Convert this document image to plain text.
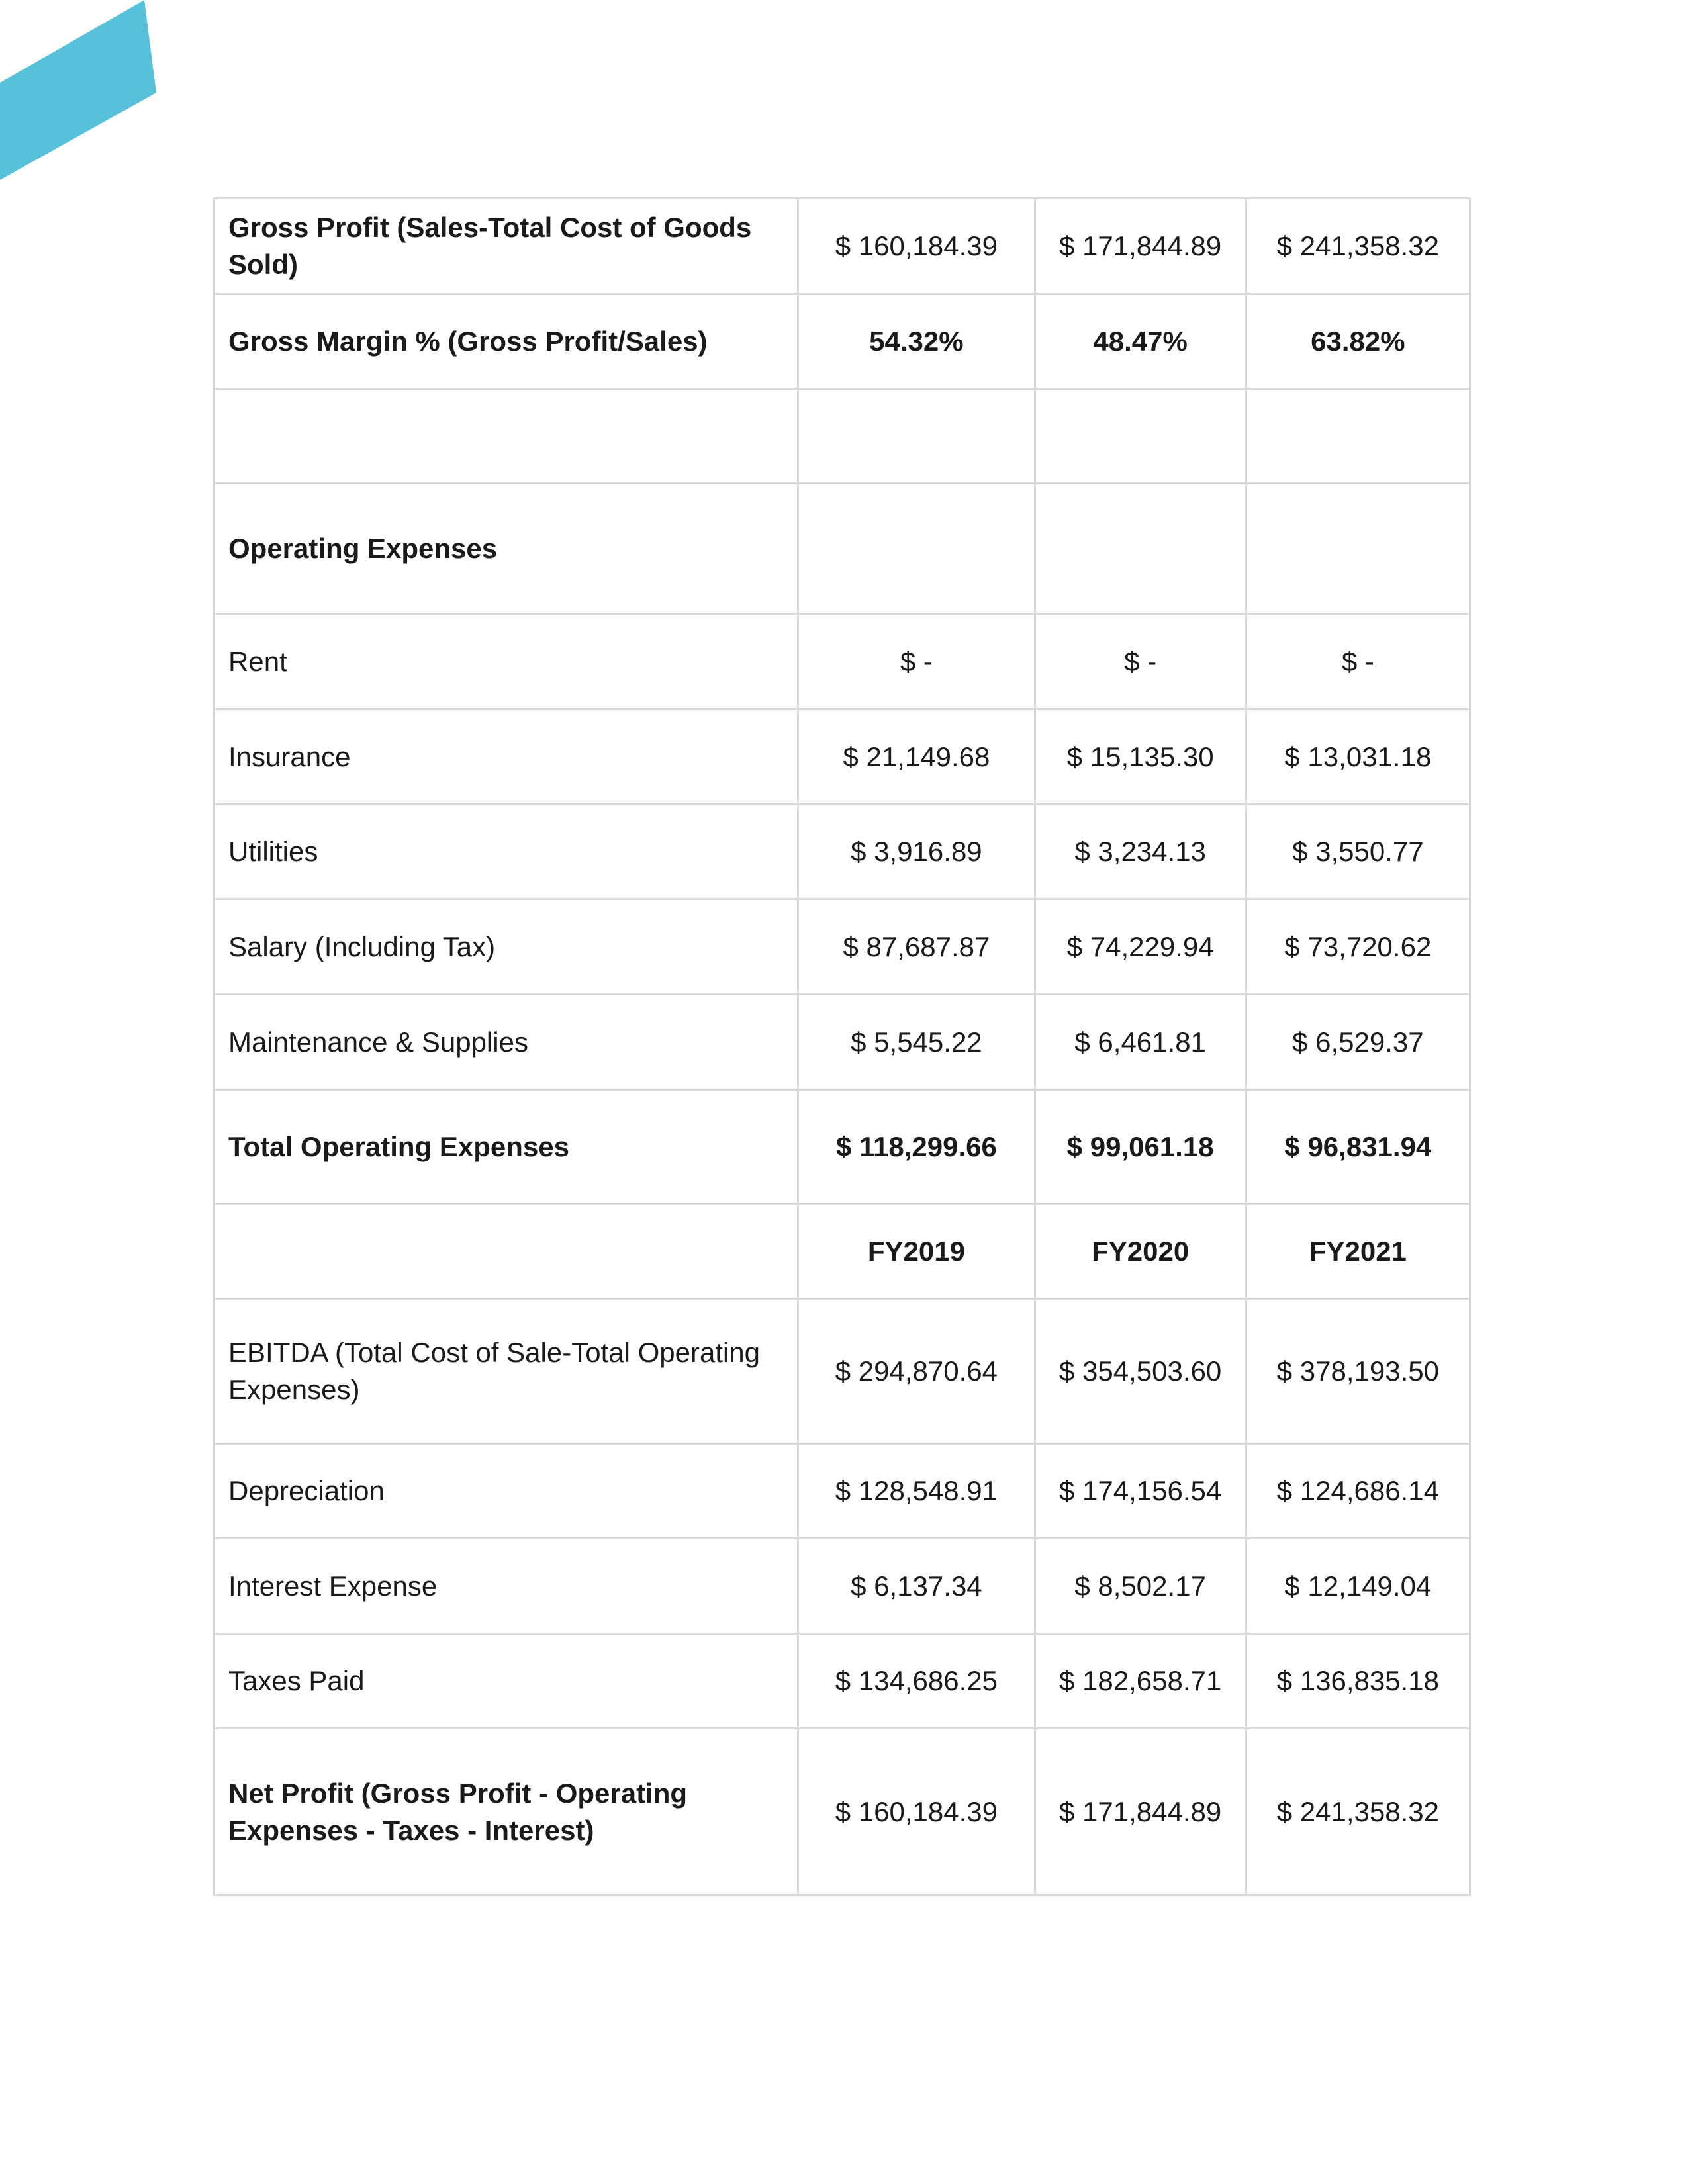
Gross Profit (Sales-Total Cost of Goods Sold)	$ 160,184.39	$ 171,844.89	$ 241,358.32
Gross Margin % (Gross Profit/Sales)	54.32%	48.47%	63.82%

Operating Expenses			
Rent	$ -	$ -	$ -
Insurance	$ 21,149.68	$ 15,135.30	$ 13,031.18
Utilities	$ 3,916.89	$ 3,234.13	$ 3,550.77
Salary (Including Tax)	$ 87,687.87	$ 74,229.94	$ 73,720.62
Maintenance & Supplies	$ 5,545.22	$ 6,461.81	$ 6,529.37
Total Operating Expenses	$ 118,299.66	$ 99,061.18	$ 96,831.94
	FY2019	FY2020	FY2021
EBITDA (Total Cost of Sale-Total Operating Expenses)	$ 294,870.64	$ 354,503.60	$ 378,193.50
Depreciation	$ 128,548.91	$ 174,156.54	$ 124,686.14
Interest Expense	$ 6,137.34	$ 8,502.17	$ 12,149.04
Taxes Paid	$ 134,686.25	$ 182,658.71	$ 136,835.18
Net Profit (Gross Profit - Operating Expenses - Taxes - Interest)	$ 160,184.39	$ 171,844.89	$ 241,358.32
